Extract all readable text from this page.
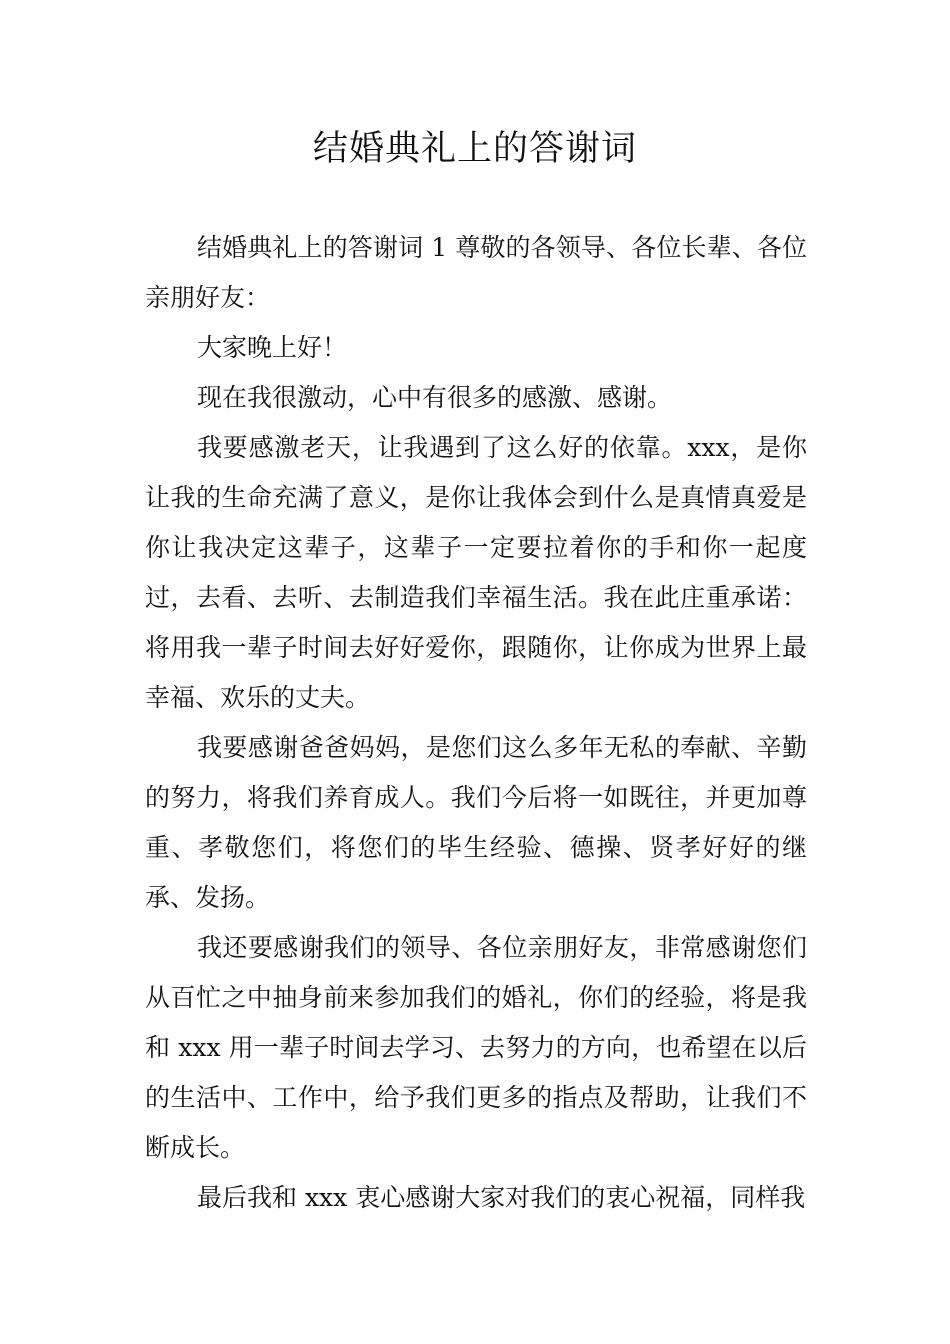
结婚典礼上的答谢词

结婚典礼上的答谢词 1 尊敬的各领导、各位长辈、各位亲朋好友：

大家晚上好！

现在我很激动，心中有很多的感激、感谢。

我要感激老天，让我遇到了这么好的依靠。xxx，是你让我的生命充满了意义，是你让我体会到什么是真情真爱是你让我决定这辈子，这辈子一定要拉着你的手和你一起度过，去看、去听、去制造我们幸福生活。我在此庄重承诺：将用我一辈子时间去好好爱你，跟随你，让你成为世界上最幸福、欢乐的丈夫。

我要感谢爸爸妈妈，是您们这么多年无私的奉献、辛勤的努力，将我们养育成人。我们今后将一如既往，并更加尊重、孝敬您们，将您们的毕生经验、德操、贤孝好好的继承、发扬。

我还要感谢我们的领导、各位亲朋好友，非常感谢您们从百忙之中抽身前来参加我们的婚礼，你们的经验，将是我和 xxx 用一辈子时间去学习、去努力的方向，也希望在以后的生活中、工作中，给予我们更多的指点及帮助，让我们不断成长。

最后我和 xxx 衷心感谢大家对我们的衷心祝福，同样我
